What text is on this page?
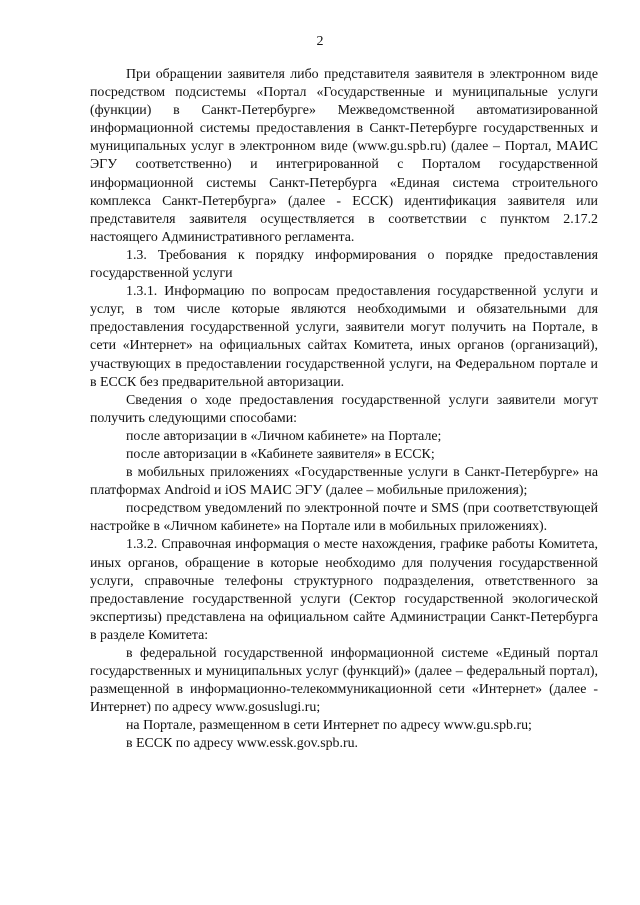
2

При обращении заявителя либо представителя заявителя в электронном виде посредством подсистемы «Портал «Государственные и муниципальные услуги (функции) в Санкт-Петербурге» Межведомственной автоматизированной информационной системы предоставления в Санкт-Петербурге государственных и муниципальных услуг в электронном виде (www.gu.spb.ru) (далее – Портал, МАИС ЭГУ соответственно) и интегрированной с Порталом государственной информационной системы Санкт-Петербурга «Единая система строительного комплекса Санкт-Петербурга» (далее - ЕССК) идентификация заявителя или представителя заявителя осуществляется в соответствии с пунктом 2.17.2 настоящего Административного регламента.

1.3. Требования к порядку информирования о порядке предоставления государственной услуги

1.3.1. Информацию по вопросам предоставления государственной услуги и услуг, в том числе которые являются необходимыми и обязательными для предоставления государственной услуги, заявители могут получить на Портале, в сети «Интернет» на официальных сайтах Комитета, иных органов (организаций), участвующих в предоставлении государственной услуги, на Федеральном портале и в ЕССК без предварительной авторизации.

Сведения о ходе предоставления государственной услуги заявители могут получить следующими способами:

после авторизации в «Личном кабинете» на Портале;

после авторизации в «Кабинете заявителя» в ЕССК;

в мобильных приложениях «Государственные услуги в Санкт-Петербурге» на платформах Android и iOS МАИС ЭГУ (далее – мобильные приложения);

посредством уведомлений по электронной почте и SMS (при соответствующей настройке в «Личном кабинете» на Портале или в мобильных приложениях).

1.3.2. Справочная информация о месте нахождения, графике работы Комитета, иных органов, обращение в которые необходимо для получения государственной услуги, справочные телефоны структурного подразделения, ответственного за предоставление государственной услуги (Сектор государственной экологической экспертизы) представлена на официальном сайте Администрации Санкт-Петербурга в разделе Комитета:

в федеральной государственной информационной системе «Единый портал государственных и муниципальных услуг (функций)» (далее – федеральный портал), размещенной в информационно-телекоммуникационной сети «Интернет» (далее - Интернет) по адресу www.gosuslugi.ru;

на Портале, размещенном в сети Интернет по адресу www.gu.spb.ru;

в ЕССК по адресу www.essk.gov.spb.ru.
